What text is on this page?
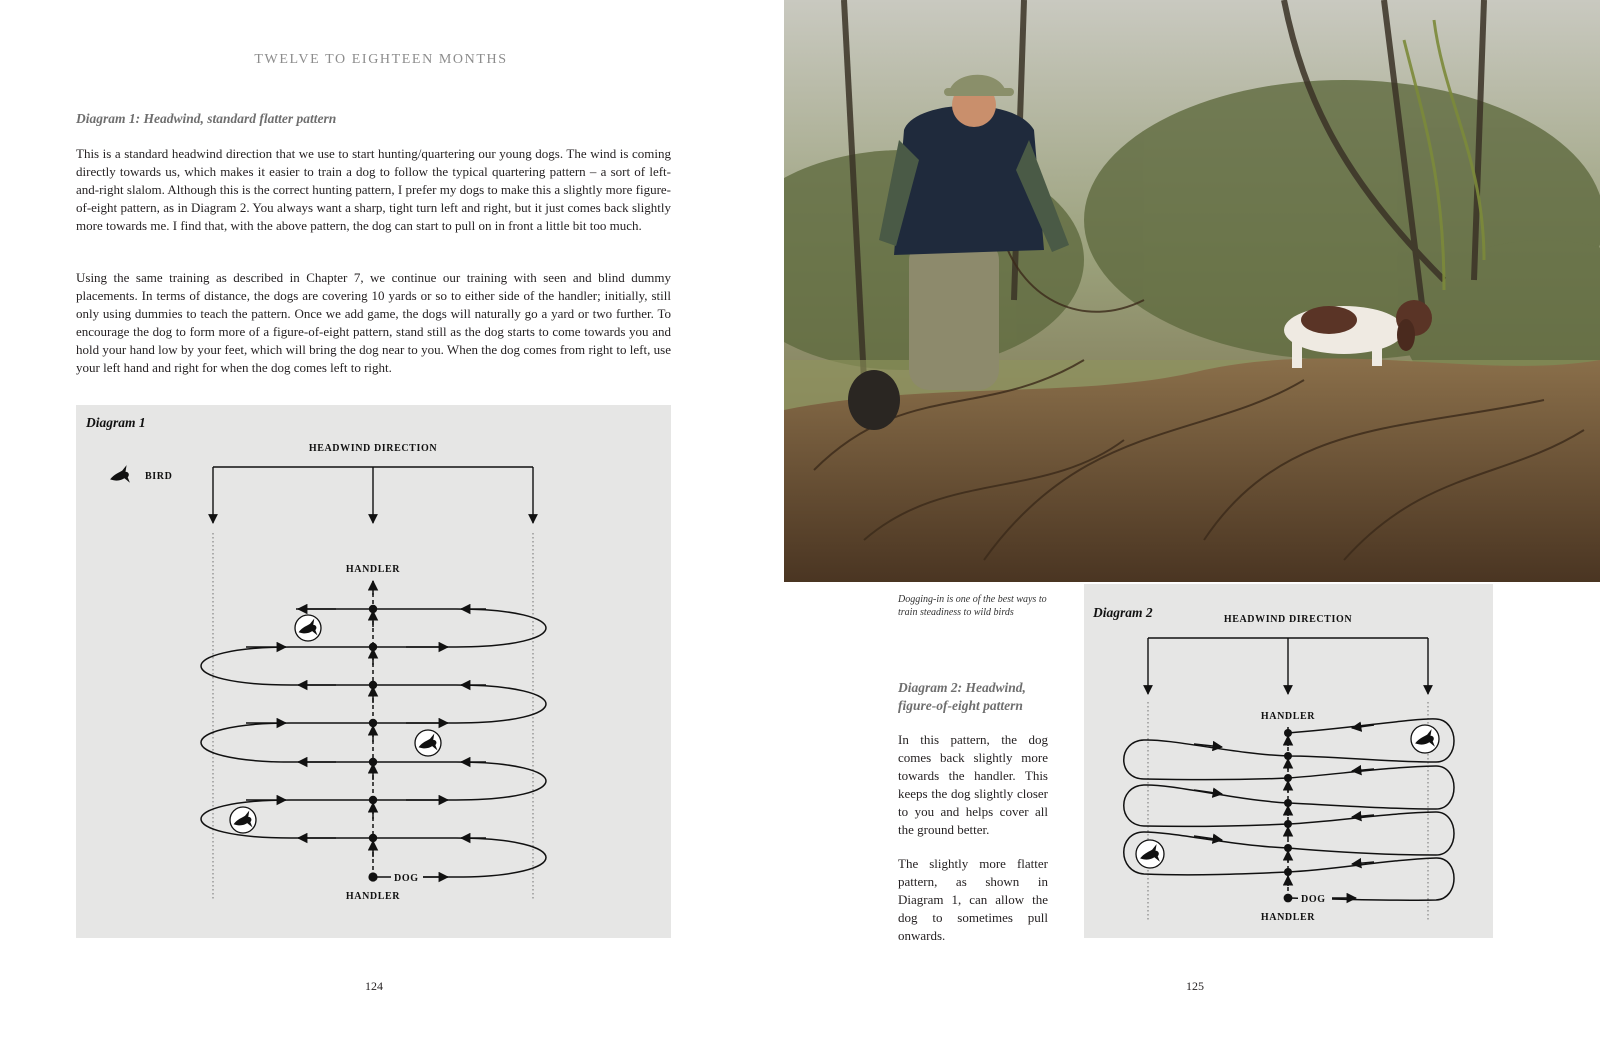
TWELVE TO EIGHTEEN MONTHS
Diagram 1: Headwind, standard flatter pattern

This is a standard headwind direction that we use to start hunting/quartering our young dogs. The wind is coming directly towards us, which makes it easier to train a dog to follow the typical quartering pattern – a sort of left-and-right slalom. Although this is the correct hunting pattern, I prefer my dogs to make this a slightly more figure-of-eight pattern, as in Diagram 2. You always want a sharp, tight turn left and right, but it just comes back slightly more towards me. I find that, with the above pattern, the dog can start to pull on in front a little bit too much.

Using the same training as described in Chapter 7, we continue our training with seen and blind dummy placements. In terms of distance, the dogs are covering 10 yards or so to either side of the handler; initially, still only using dummies to teach the pattern. Once we add game, the dogs will naturally go a yard or two further. To encourage the dog to form more of a figure-of-eight pattern, stand still as the dog starts to come towards you and hold your hand low by your feet, which will bring the dog near to you. When the dog comes from right to left, use your left hand and right for when the dog comes left to right.

Diagram 1
HEADWIND DIRECTION
BIRD
HANDLER
DOG
HANDLER
124
Dogging-in is one of the best ways to train steadiness to wild birds
Diagram 2: Headwind, figure-of-eight pattern

In this pattern, the dog comes back slightly more towards the handler. This keeps the dog slightly closer to you and helps cover all the ground better.

The slightly more flatter pattern, as shown in Diagram 1, can allow the dog to sometimes pull onwards.

Diagram 2	HEADWIND DIRECTION
HANDLER
DOG
HANDLER
125
